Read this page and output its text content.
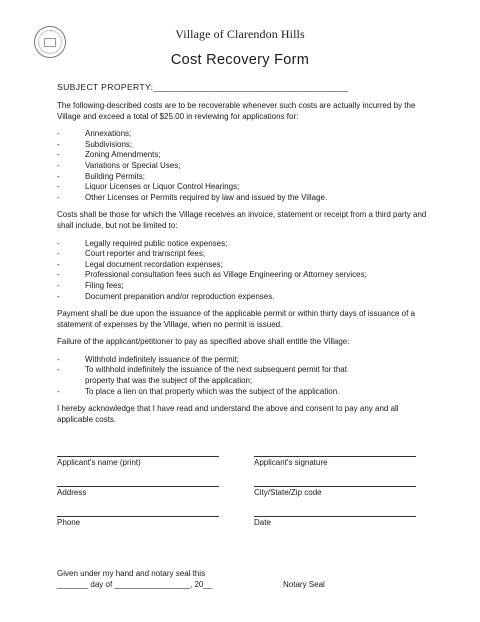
Village of Clarendon Hills
Cost Recovery Form
SUBJECT PROPERTY:______________________________________

The following-described costs are to be recoverable whenever such costs are actually incurred by the Village and exceed a total of $25.00 in reviewing for applications for:

-	Annexations;
-	Subdivisions;
-	Zoning Amendments;
-	Variations or Special Uses;
-	Building Permits;
-	Liquor Licenses or Liquor Control Hearings;
-	Other Licenses or Permits required by law and issued by the Village.

Costs shall be those for which the Village receives an invoice, statement or receipt from a third party and shall include, but not be limited to:

-	Legally required public notice expenses;
-	Court reporter and transcript fees;
-	Legal document recordation expenses;
-	Professional consultation fees such as Village Engineering or Attorney services;
-	Filing fees;
-	Document preparation and/or reproduction expenses.

Payment shall be due upon the issuance of the applicable permit or within thirty days of issuance of a statement of expenses by the Village, when no permit is issued.

Failure of the applicant/petitioner to pay as specified above shall entitle the Village:

-	Withhold indefinitely issuance of the permit;
-	To withhold indefinitely the issuance of the next subsequent permit for that property that was the subject of the application;
-	To place a lien on that property which was the subject of the application.

I hereby acknowledge that I have read and understand the above and consent to pay any and all applicable costs.

Applicant's name (print)	Applicant's signature
Address	City/State/Zip code
Phone	Date
Given under my hand and notary seal this
_______ day of _________________, 20__	Notary Seal
